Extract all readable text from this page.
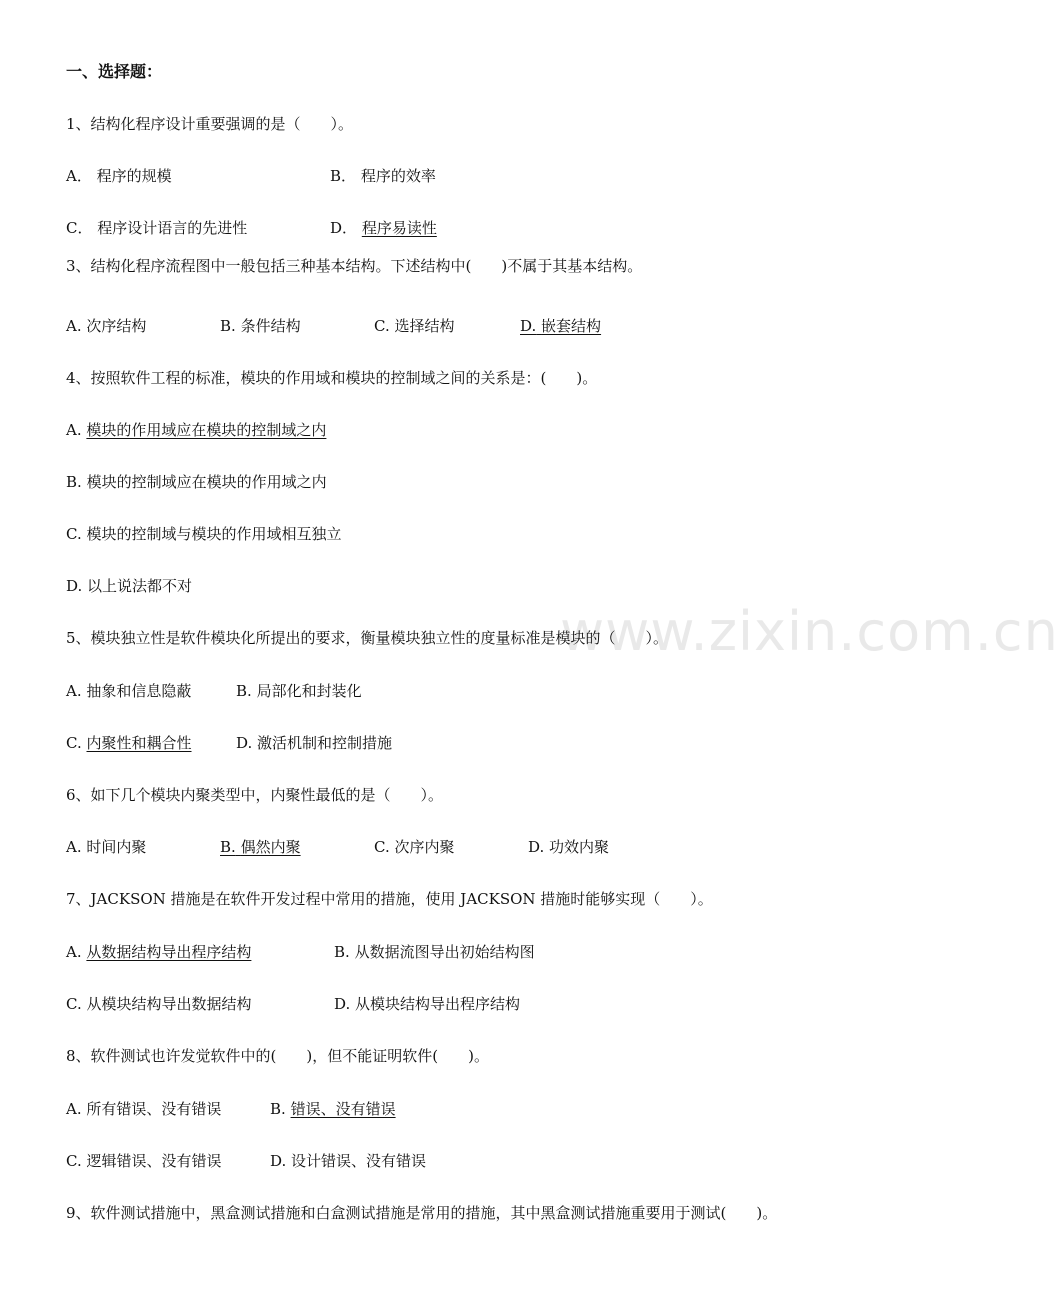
www.zixin.com.cn
一、选择题：
1、结构化程序设计重要强调的是（　　）。
A． 程序的规模	B． 程序的效率
C． 程序设计语言的先进性	D． 程序易读性
3、结构化程序流程图中一般包括三种基本结构。下述结构中(　　)不属于其基本结构。
A. 次序结构	B. 条件结构	C. 选择结构	D. 嵌套结构
4、按照软件工程的标准，模块的作用域和模块的控制域之间的关系是：(　　)。
A. 模块的作用域应在模块的控制域之内
B. 模块的控制域应在模块的作用域之内
C. 模块的控制域与模块的作用域相互独立
D. 以上说法都不对
5、模块独立性是软件模块化所提出的要求，衡量模块独立性的度量标准是模块的（　　）。
A. 抽象和信息隐蔽	B. 局部化和封装化
C. 内聚性和耦合性	D. 激活机制和控制措施
6、如下几个模块内聚类型中，内聚性最低的是（　　）。
A. 时间内聚	B. 偶然内聚	C. 次序内聚	D. 功效内聚
7、JACKSON 措施是在软件开发过程中常用的措施，使用 JACKSON 措施时能够实现（　　）。
A. 从数据结构导出程序结构	B. 从数据流图导出初始结构图
C. 从模块结构导出数据结构	D. 从模块结构导出程序结构
8、软件测试也许发觉软件中的(　　)，但不能证明软件(　　)。
A. 所有错误、没有错误	B. 错误、没有错误
C. 逻辑错误、没有错误	D. 设计错误、没有错误
9、软件测试措施中，黑盒测试措施和白盒测试措施是常用的措施，其中黑盒测试措施重要用于测试(　　)。
